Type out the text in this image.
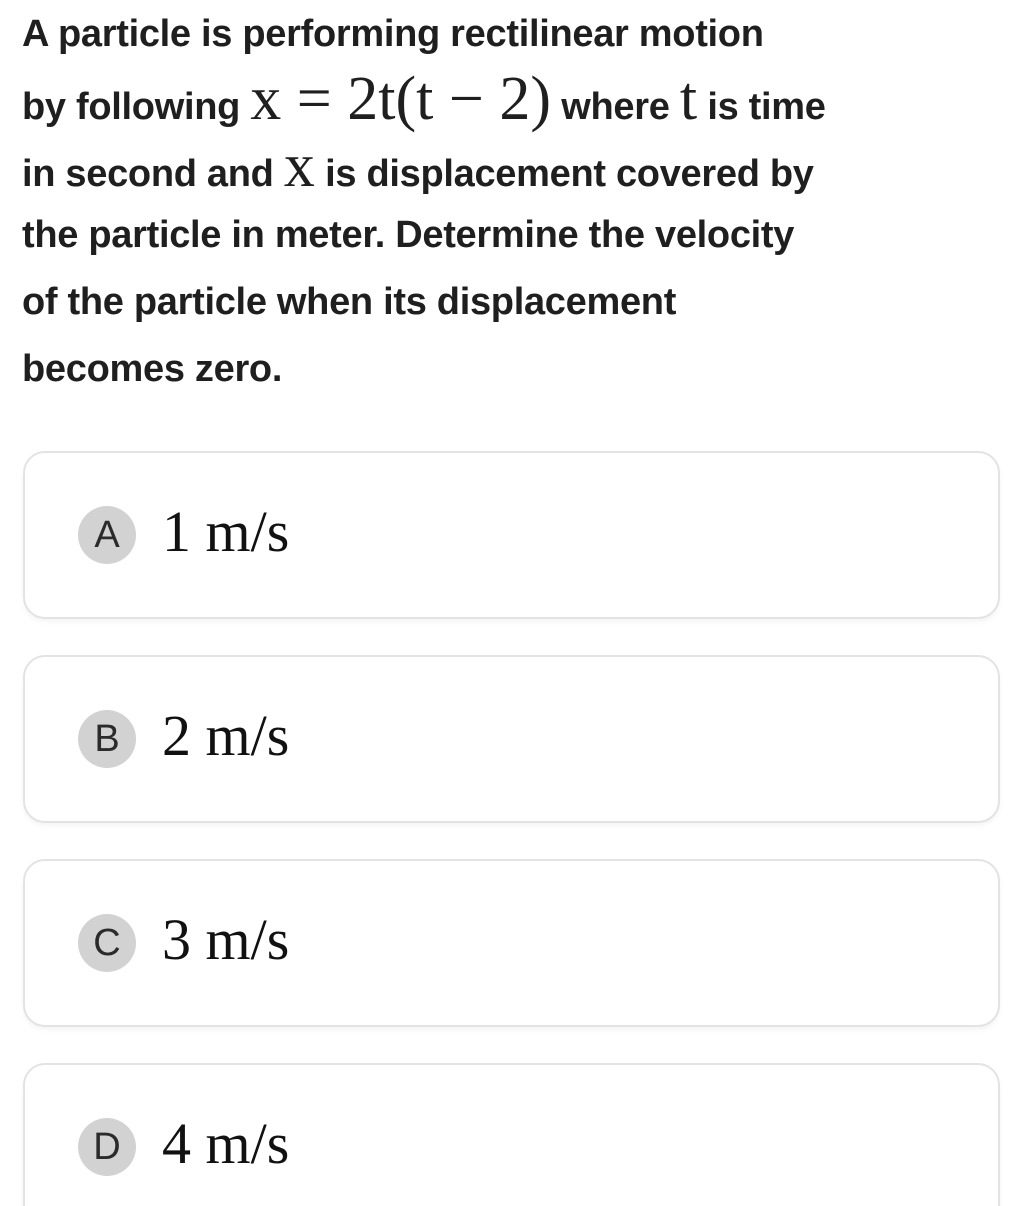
A particle is performing rectilinear motion
by following x = 2t(t − 2) where t is time
in second and x is displacement covered by
the particle in meter. Determine the velocity
of the particle when its displacement
becomes zero.
A 1 m/s
B 2 m/s
C 3 m/s
D 4 m/s
